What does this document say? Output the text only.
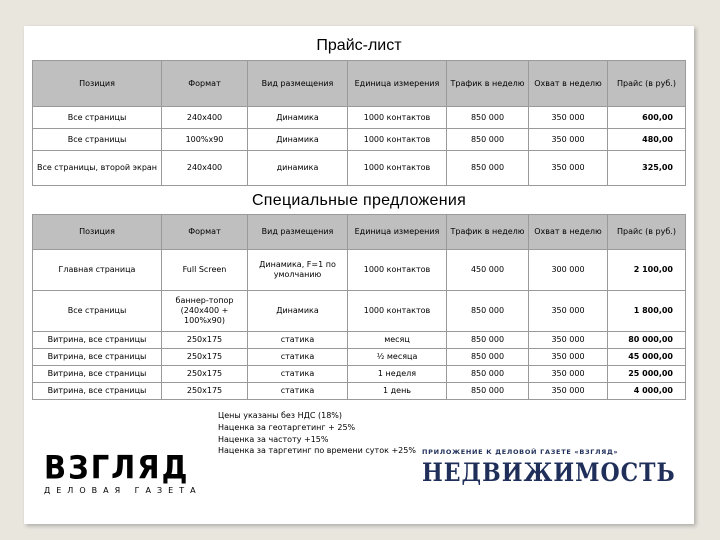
Прайс-лист
Позиция	Формат	Вид размещения	Единица измерения	Трафик в неделю	Охват в неделю	Прайс (в руб.)
Все страницы	240х400	Динамика	1000 контактов	850 000	350 000	600,00
Все страницы	100%х90	Динамика	1000 контактов	850 000	350 000	480,00
Все страницы, второй экран	240х400	динамика	1000 контактов	850 000	350 000	325,00
Специальные предложения
Позиция	Формат	Вид размещения	Единица измерения	Трафик в неделю	Охват в неделю	Прайс (в руб.)
Главная страница	Full Screen	Динамика, F=1 по умолчанию	1000 контактов	450 000	300 000	2 100,00
Все страницы	баннер-топор (240х400 + 100%х90)	Динамика	1000 контактов	850 000	350 000	1 800,00
Витрина, все страницы	250х175	статика	месяц	850 000	350 000	80 000,00
Витрина, все страницы	250х175	статика	½ месяца	850 000	350 000	45 000,00
Витрина, все страницы	250х175	статика	1 неделя	850 000	350 000	25 000,00
Витрина, все страницы	250х175	статика	1 день	850 000	350 000	4 000,00
Цены указаны без НДС (18%)
Наценка за геотаргетинг + 25%
Наценка за частоту +15%
Наценка за таргетинг по времени суток +25%
ВЗГЛЯД
ДЕЛОВАЯ ГАЗЕТА
ПРИЛОЖЕНИЕ К ДЕЛОВОЙ ГАЗЕТЕ «ВЗГЛЯД»
НЕДВИЖИМОСТЬ
